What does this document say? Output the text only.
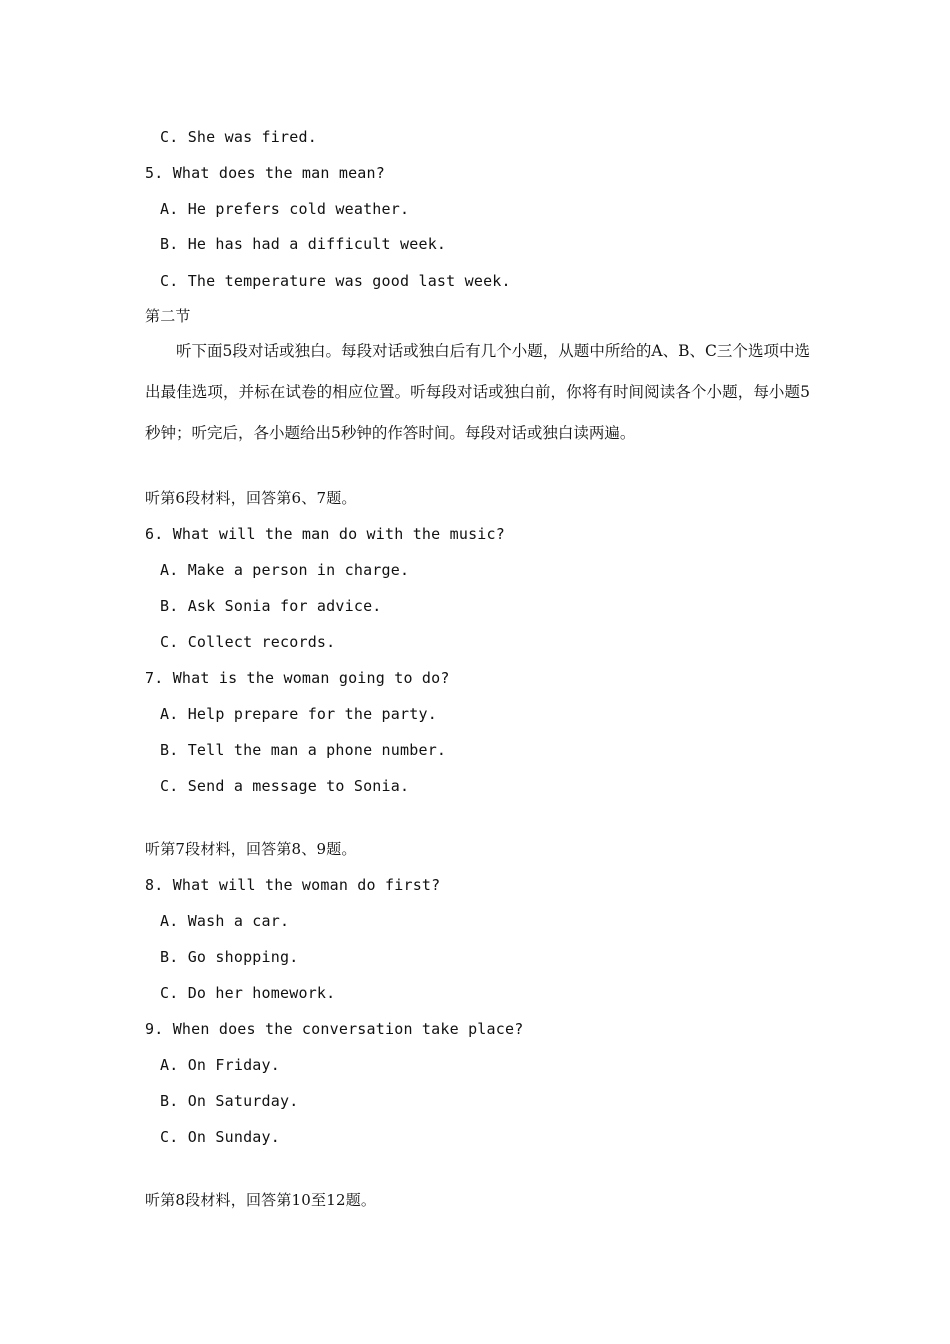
C. She was fired.
5. What does the man mean?
A. He prefers cold weather.
B. He has had a difficult week.
C. The temperature was good last week.
第二节
听下面5段对话或独白。每段对话或独白后有几个小题，从题中所给的A、B、C三个选项中选出最佳选项，并标在试卷的相应位置。听每段对话或独白前，你将有时间阅读各个小题，每小题5秒钟；听完后，各小题给出5秒钟的作答时间。每段对话或独白读两遍。
听第6段材料，回答第6、7题。
6. What will the man do with the music?
A. Make a person in charge.
B. Ask Sonia for advice.
C. Collect records.
7. What is the woman going to do?
A. Help prepare for the party.
B. Tell the man a phone number.
C. Send a message to Sonia.
听第7段材料，回答第8、9题。
8. What will the woman do first?
A. Wash a car.
B. Go shopping.
C. Do her homework.
9. When does the conversation take place?
A. On Friday.
B. On Saturday.
C. On Sunday.
听第8段材料，回答第10至12题。
